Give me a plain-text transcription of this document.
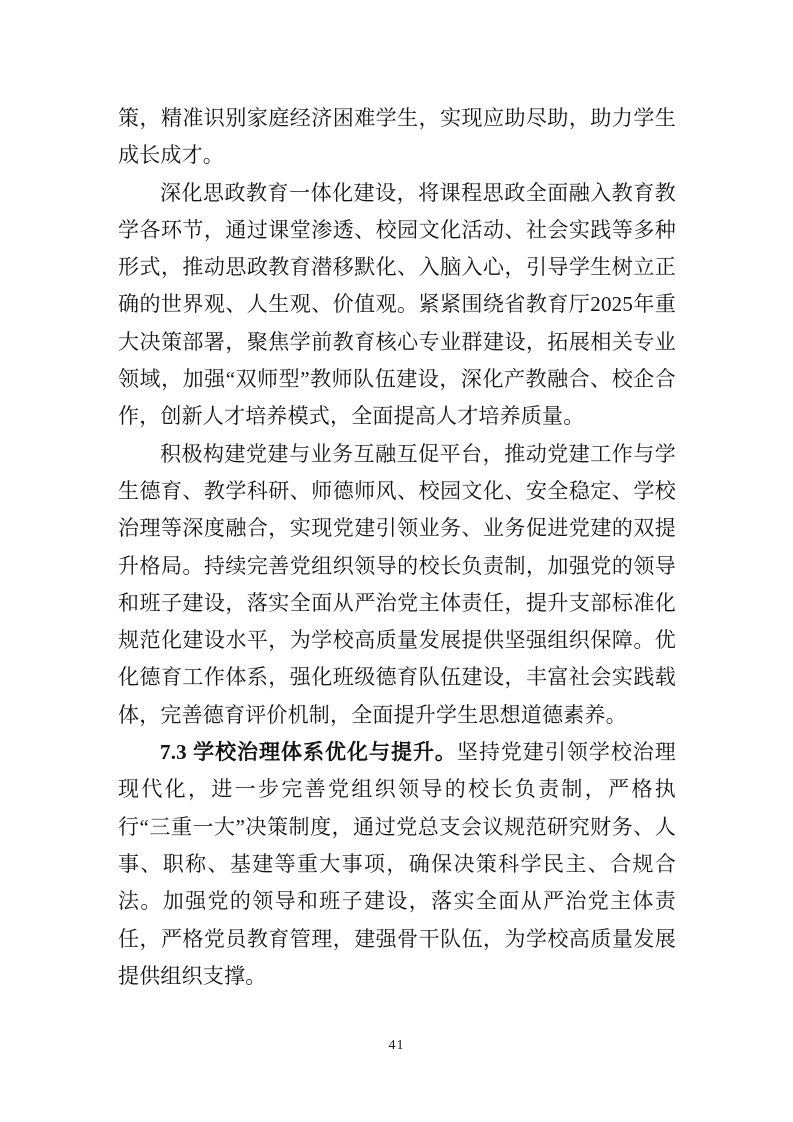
策，精准识别家庭经济困难学生，实现应助尽助，助力学生成长成才。

深化思政教育一体化建设，将课程思政全面融入教育教学各环节，通过课堂渗透、校园文化活动、社会实践等多种形式，推动思政教育潜移默化、入脑入心，引导学生树立正确的世界观、人生观、价值观。紧紧围绕省教育厅2025年重大决策部署，聚焦学前教育核心专业群建设，拓展相关专业领域，加强“双师型”教师队伍建设，深化产教融合、校企合作，创新人才培养模式，全面提高人才培养质量。

积极构建党建与业务互融互促平台，推动党建工作与学生德育、教学科研、师德师风、校园文化、安全稳定、学校治理等深度融合，实现党建引领业务、业务促进党建的双提升格局。持续完善党组织领导的校长负责制，加强党的领导和班子建设，落实全面从严治党主体责任，提升支部标准化规范化建设水平，为学校高质量发展提供坚强组织保障。优化德育工作体系，强化班级德育队伍建设，丰富社会实践载体，完善德育评价机制，全面提升学生思想道德素养。

7.3 学校治理体系优化与提升。坚持党建引领学校治理现代化，进一步完善党组织领导的校长负责制，严格执行“三重一大”决策制度，通过党总支会议规范研究财务、人事、职称、基建等重大事项，确保决策科学民主、合规合法。加强党的领导和班子建设，落实全面从严治党主体责任，严格党员教育管理，建强骨干队伍，为学校高质量发展提供组织支撑。

41
